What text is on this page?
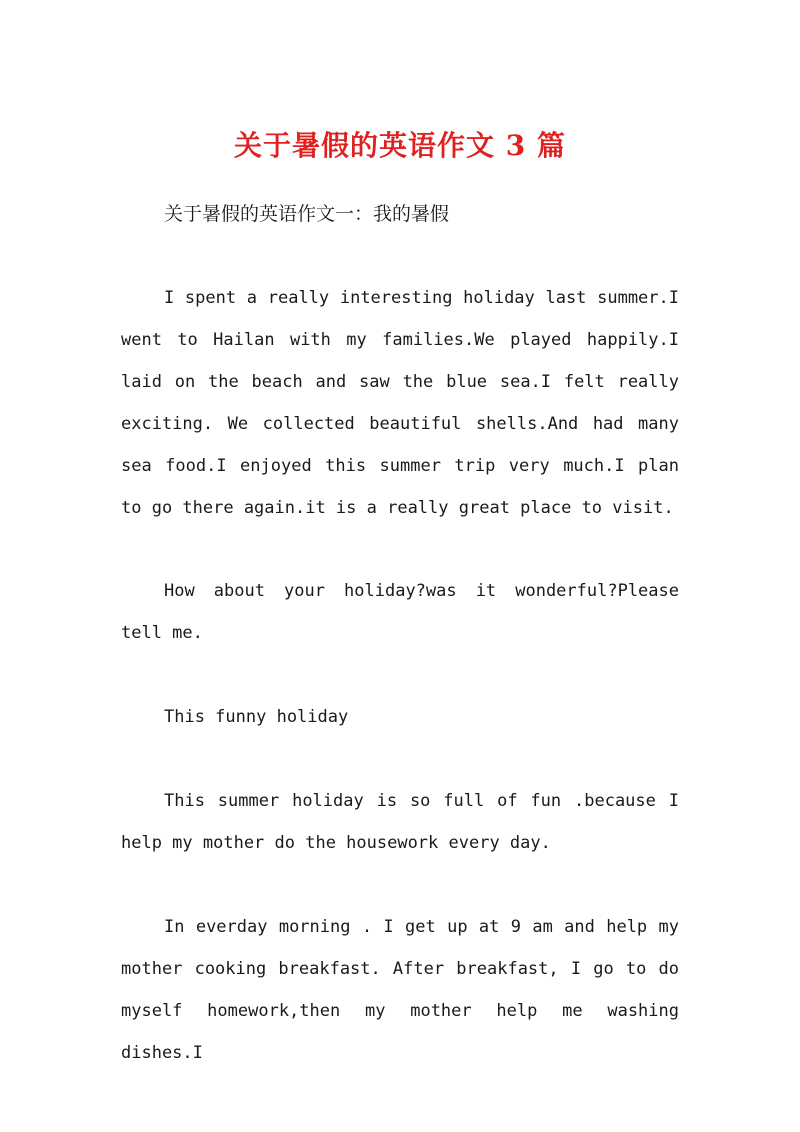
关于暑假的英语作文 3 篇

关于暑假的英语作文一：我的暑假

I spent a really interesting holiday last summer.I
went to Hailan with my families.We played happily.I
laid on the beach and saw the blue sea.I felt really
exciting. We collected beautiful shells.And had many
sea food.I enjoyed this summer trip very much.I plan
to go there again.it is a really great place to visit.
How about your holiday?was it wonderful?Please
tell me.
This funny holiday
This summer holiday is so full of fun .because I
help my mother do the housework every day.
In everday morning . I get up at 9 am and help my
mother cooking breakfast. After breakfast, I go to do
myself homework,then my mother help me washing dishes.I
